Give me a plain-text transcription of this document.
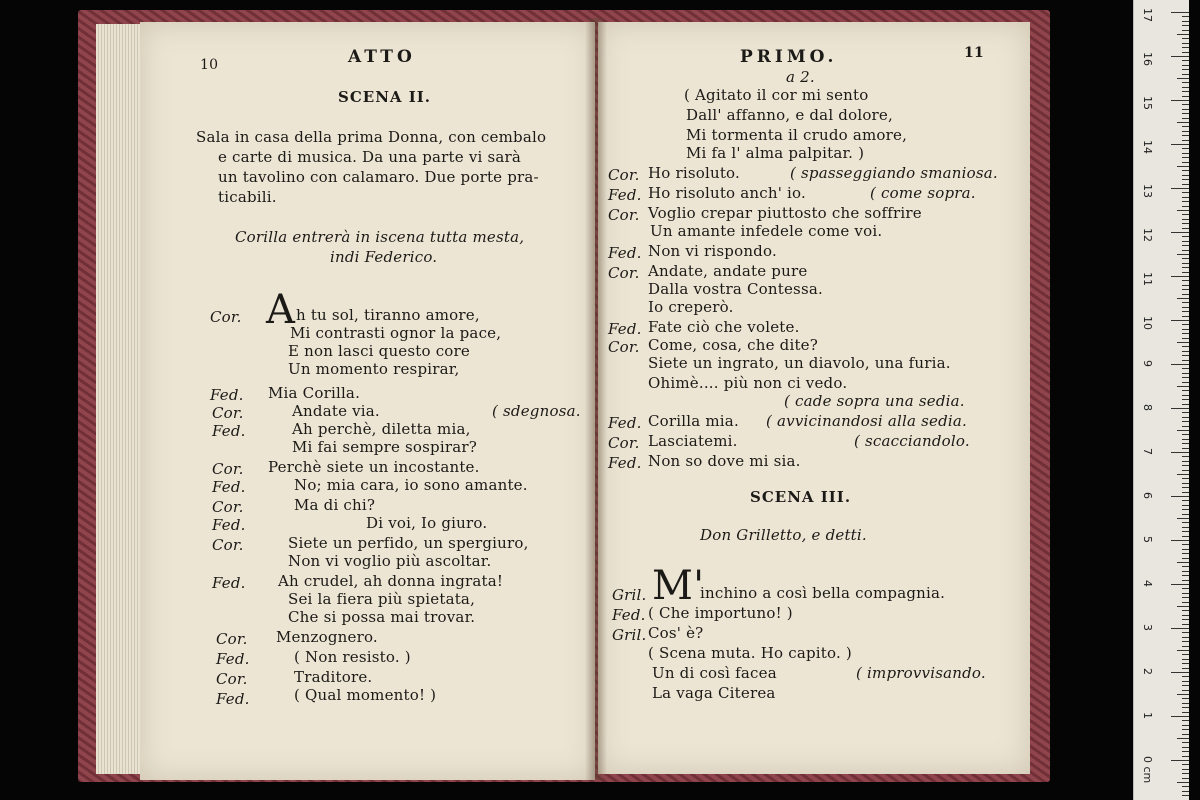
10	ATTO
SCENA II.
Sala in casa della prima Donna, con cembalo
e carte di musica. Da una parte vi sarà
un tavolino con calamaro. Due porte pra-
ticabili.
Corilla entrerà in iscena tutta mesta,
indi Federico.
Cor. A h tu sol, tiranno amore,
Mi contrasti ognor la pace,
E non lasci questo core
Un momento respirar,
Fed. Mia Corilla.
Cor.	Andate via.	( sdegnosa.
Fed.	Ah perchè, diletta mia,
Mi fai sempre sospirar?
Cor. Perchè siete un incostante.
Fed.	No; mia cara, io sono amante.
Cor.	Ma di chi?
Fed.	Di voi, Io giuro.
Cor.	Siete un perfido, un spergiuro,
Non vi voglio più ascoltar.
Fed. Ah crudel, ah donna ingrata!
Sei la fiera più spietata,
Che si possa mai trovar.
Cor. Menzognero.
Fed.	( Non resisto. )
Cor.	Traditore.
Fed.	( Qual momento! )
PRIMO.	11
a 2.
( Agitato il cor mi sento
Dall' affanno, e dal dolore,
Mi tormenta il crudo amore,
Mi fa l' alma palpitar. )
Cor. Ho risoluto.	( spasseggiando smaniosa.
Fed. Ho risoluto anch' io.	( come sopra.
Cor. Voglio crepar piuttosto che soffrire
Un amante infedele come voi.
Fed. Non vi rispondo.
Cor. Andate, andate pure
Dalla vostra Contessa.
Io creperò.
Fed. Fate ciò che volete.
Cor. Come, cosa, che dite?
Siete un ingrato, un diavolo, una furia.
Ohimè.... più non ci vedo.
( cade sopra una sedia.
Fed. Corilla mia. ( avvicinandosi alla sedia.
Cor. Lasciatemi.	( scacciandolo.
Fed. Non so dove mi sia.
SCENA III.
Don Grilletto, e detti.
Gril. M'
inchino a così bella compagnia.
Fed. ( Che importuno! )
Gril. Cos' è?
( Scena muta. Ho capito. )
Un di così facea	( improvvisando.
La vaga Citerea
17
16
15
14
13
12
11
10
9
8
7
6
5
4
3
2
1
0 cm
